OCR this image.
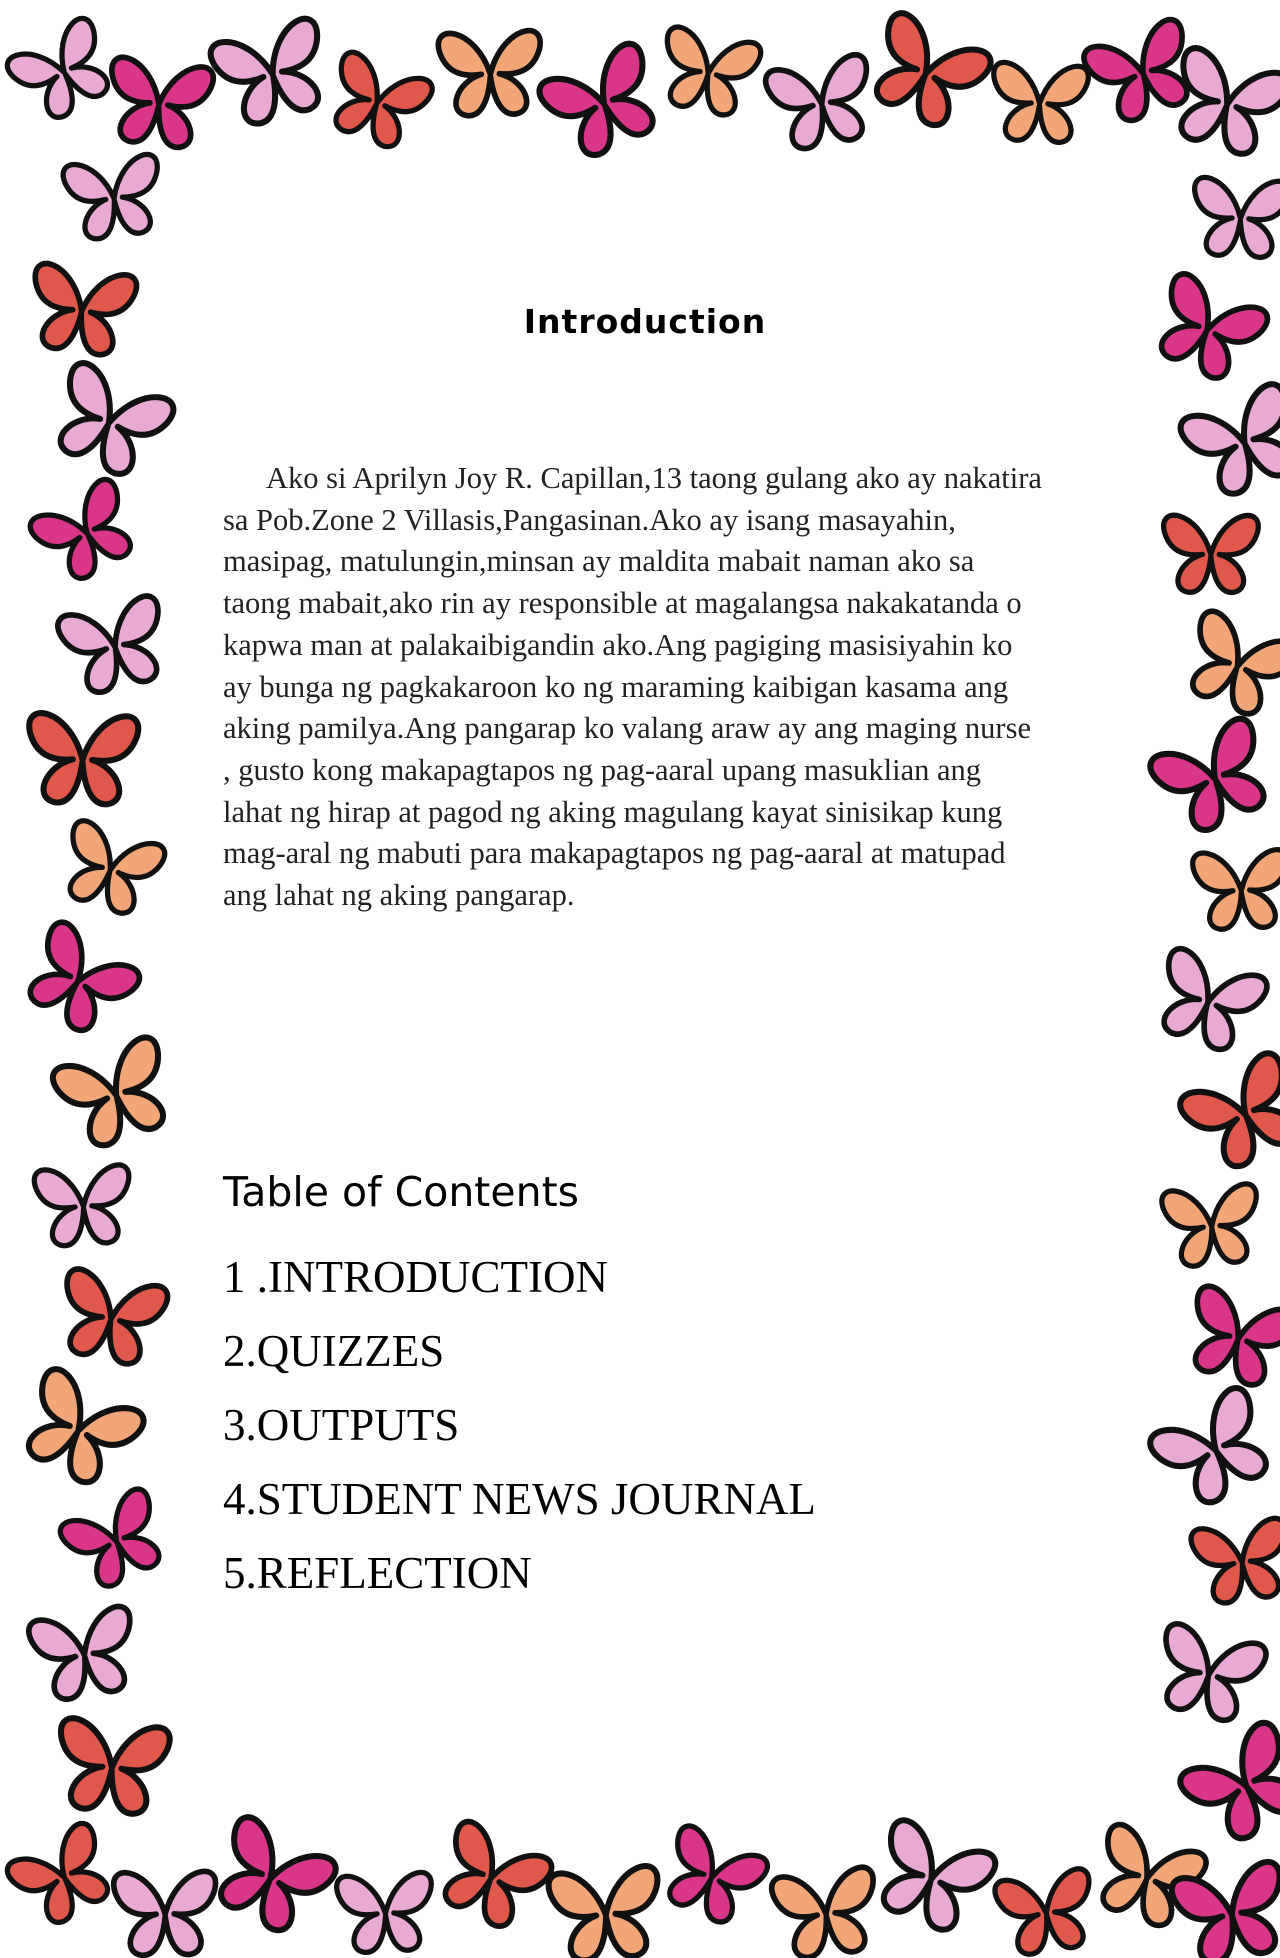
Introduction

Ako si Aprilyn Joy R. Capillan,13 taong gulang ako ay nakatira sa Pob.Zone 2 Villasis,Pangasinan.Ako ay isang masayahin, masipag, matulungin,minsan ay maldita mabait naman ako sa taong mabait,ako rin ay responsible at magalangsa nakakatanda o kapwa man at palakaibigandin ako.Ang pagiging masisiyahin ko ay bunga ng pagkakaroon ko ng maraming kaibigan kasama ang aking pamilya.Ang pangarap ko valang araw ay ang maging nurse , gusto kong makapagtapos ng pag-aaral upang masuklian ang lahat ng hirap at pagod ng aking magulang kayat sinisikap kung mag-aral ng mabuti para makapagtapos ng pag-aaral at matupad ang lahat ng aking pangarap.

Table of Contents
1 .INTRODUCTION
2.QUIZZES
3.OUTPUTS
4.STUDENT NEWS JOURNAL
5.REFLECTION
